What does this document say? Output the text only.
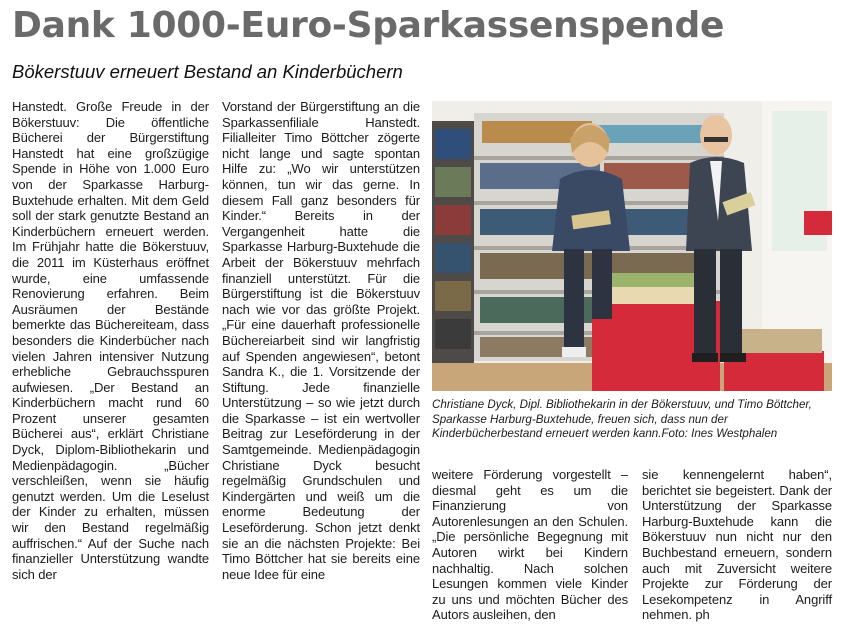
Dank 1000-Euro-Sparkassenspende
Bökerstuuv erneuert Bestand an Kinderbüchern

Hanstedt. Große Freude in der Bökerstuuv: Die öffentliche Bücherei der Bürgerstiftung Hanstedt hat eine großzügige Spende in Höhe von 1.000 Euro von der Sparkasse Harburg-Buxtehude erhalten. Mit dem Geld soll der stark genutzte Bestand an Kinderbüchern erneuert werden. Im Frühjahr hatte die Bökerstuuv, die 2011 im Küsterhaus eröffnet wurde, eine umfassende Renovierung erfahren. Beim Ausräumen der Bestände bemerkte das Büchereiteam, dass besonders die Kinderbücher nach vielen Jahren intensiver Nutzung erhebliche Gebrauchsspuren aufwiesen. „Der Bestand an Kinderbüchern macht rund 60 Prozent unserer gesamten Bücherei aus“, erklärt Christiane Dyck, Diplom-Bibliothekarin und Medienpädagogin. „Bücher verschleißen, wenn sie häufig genutzt werden. Um die Leselust der Kinder zu erhalten, müssen wir den Bestand regelmäßig auffrischen.“ Auf der Suche nach finanzieller Unterstützung wandte sich der

Vorstand der Bürgerstiftung an die Sparkassenfiliale Hanstedt. Filialleiter Timo Böttcher zögerte nicht lange und sagte spontan Hilfe zu: „Wo wir unterstützen können, tun wir das gerne. In diesem Fall ganz besonders für Kinder.“ Bereits in der Vergangenheit hatte die Sparkasse Harburg-Buxtehude die Arbeit der Bökerstuuv mehrfach finanziell unterstützt. Für die Bürgerstiftung ist die Bökerstuuv nach wie vor das größte Projekt. „Für eine dauerhaft professionelle Büchereiarbeit sind wir langfristig auf Spenden angewiesen“, betont Sandra K., die 1. Vorsitzende der Stiftung. Jede finanzielle Unterstützung – so wie jetzt durch die Sparkasse – ist ein wertvoller Beitrag zur Leseförderung in der Samtgemeinde. Medienpädagogin Christiane Dyck besucht regelmäßig Grundschulen und Kindergärten und weiß um die enorme Bedeutung der Leseförderung. Schon jetzt denkt sie an die nächsten Projekte: Bei Timo Böttcher hat sie bereits eine neue Idee für eine

Christiane Dyck, Dipl. Bibliothekarin in der Bökerstuuv, und Timo Böttcher, Sparkasse Harburg-Buxtehude, freuen sich, dass nun der Kinderbücherbestand erneuert werden kann.Foto: Ines Westphalen

weitere Förderung vorgestellt – diesmal geht es um die Finanzierung von Autorenlesungen an den Schulen. „Die persönliche Begegnung mit Autoren wirkt bei Kindern nachhaltig. Nach solchen Lesungen kommen viele Kinder zu uns und möchten Bücher des Autors ausleihen, den

sie kennengelernt haben“, berichtet sie begeistert. Dank der Unterstützung der Sparkasse Harburg-Buxtehude kann die Bökerstuuv nun nicht nur den Buchbestand erneuern, sondern auch mit Zuversicht weitere Projekte zur Förderung der Lesekompetenz in Angriff nehmen. ph
